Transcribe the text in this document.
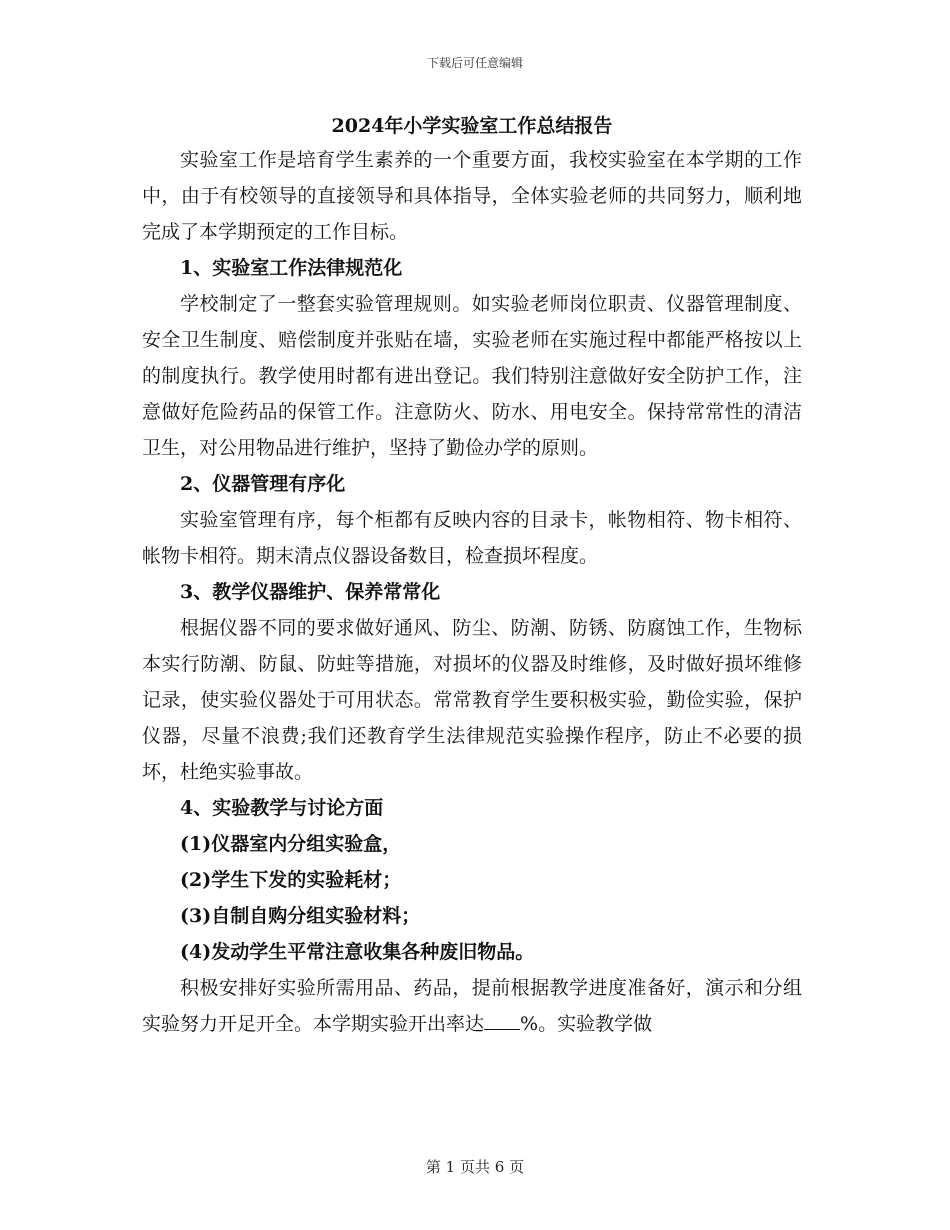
下载后可任意编辑

2024年小学实验室工作总结报告

实验室工作是培育学生素养的一个重要方面，我校实验室在本学期的工作中，由于有校领导的直接领导和具体指导，全体实验老师的共同努力，顺利地完成了本学期预定的工作目标。

1、实验室工作法律规范化

学校制定了一整套实验管理规则。如实验老师岗位职责、仪器管理制度、安全卫生制度、赔偿制度并张贴在墙，实验老师在实施过程中都能严格按以上的制度执行。教学使用时都有进出登记。我们特别注意做好安全防护工作，注意做好危险药品的保管工作。注意防火、防水、用电安全。保持常常性的清洁卫生，对公用物品进行维护，坚持了勤俭办学的原则。

2、仪器管理有序化

实验室管理有序，每个柜都有反映内容的目录卡，帐物相符、物卡相符、帐物卡相符。期末清点仪器设备数目，检查损坏程度。

3、教学仪器维护、保养常常化

根据仪器不同的要求做好通风、防尘、防潮、防锈、防腐蚀工作，生物标本实行防潮、防鼠、防蛀等措施，对损坏的仪器及时维修，及时做好损坏维修记录，使实验仪器处于可用状态。常常教育学生要积极实验，勤俭实验，保护仪器，尽量不浪费;我们还教育学生法律规范实验操作程序，防止不必要的损坏，杜绝实验事故。

4、实验教学与讨论方面

(1)仪器室内分组实验盒，

(2)学生下发的实验耗材；

(3)自制自购分组实验材料；

(4)发动学生平常注意收集各种废旧物品。

积极安排好实验所需用品、药品，提前根据教学进度准备好，演示和分组实验努力开足开全。本学期实验开出率达 %。实验教学做

第 1 页共 6 页
